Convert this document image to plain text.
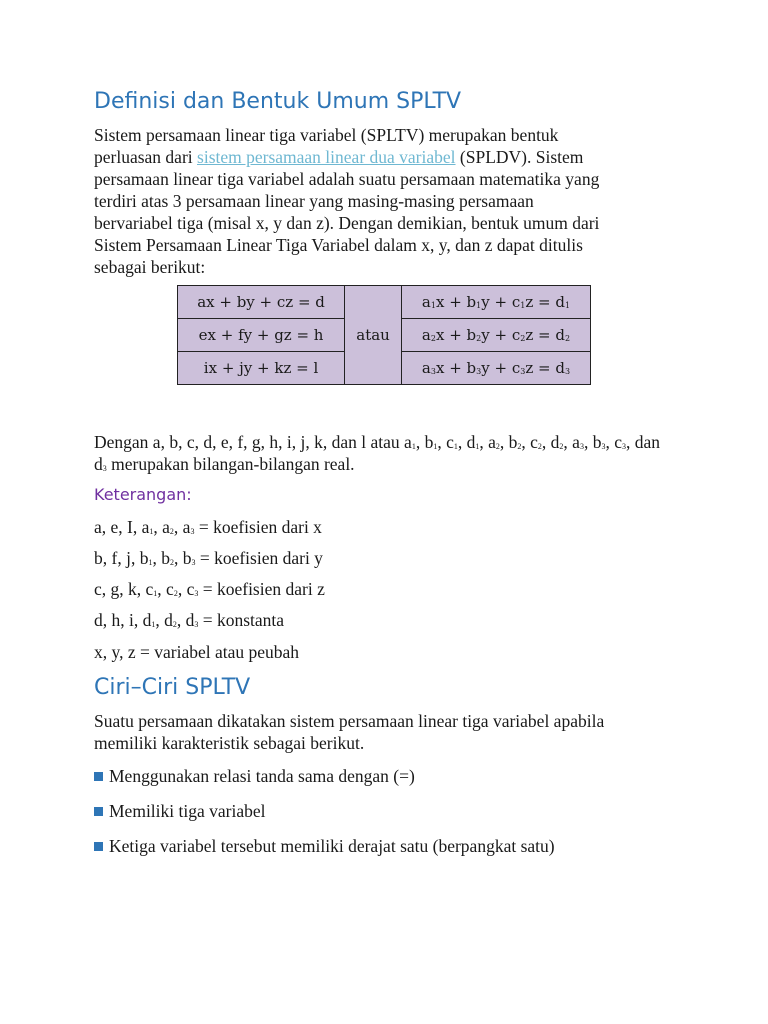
Definisi dan Bentuk Umum SPLTV

Sistem persamaan linear tiga variabel (SPLTV) merupakan bentuk
perluasan dari sistem persamaan linear dua variabel (SPLDV). Sistem
persamaan linear tiga variabel adalah suatu persamaan matematika yang
terdiri atas 3 persamaan linear yang masing-masing persamaan
bervariabel tiga (misal x, y dan z). Dengan demikian, bentuk umum dari
Sistem Persamaan Linear Tiga Variabel dalam x, y, dan z dapat ditulis
sebagai berikut:

ax + by + cz = d	atau	$a_1x + b_1y + c_1z = d_1$
ex + fy + gz = h		$a_2x + b_2y + c_2z = d_2$
ix + jy + kz = l		$a_3x + b_3y + c_3z = d_3$

Dengan a, b, c, d, e, f, g, h, i, j, k, dan l atau $a_1$, $b_1$, $c_1$, $d_1$, $a_2$, $b_2$, $c_2$, $d_2$, $a_3$, $b_3$, $c_3$, dan
$d_3$ merupakan bilangan-bilangan real.

Keterangan:

a, e, I, $a_1$, $a_2$, $a_3$ = koefisien dari x

b, f, j, $b_1$, $b_2$, $b_3$ = koefisien dari y

c, g, k, $c_1$, $c_2$, $c_3$ = koefisien dari z

d, h, i, $d_1$, $d_2$, $d_3$ = konstanta

x, y, z = variabel atau peubah

Ciri–Ciri SPLTV

Suatu persamaan dikatakan sistem persamaan linear tiga variabel apabila
memiliki karakteristik sebagai berikut.

Menggunakan relasi tanda sama dengan (=)

Memiliki tiga variabel

Ketiga variabel tersebut memiliki derajat satu (berpangkat satu)
